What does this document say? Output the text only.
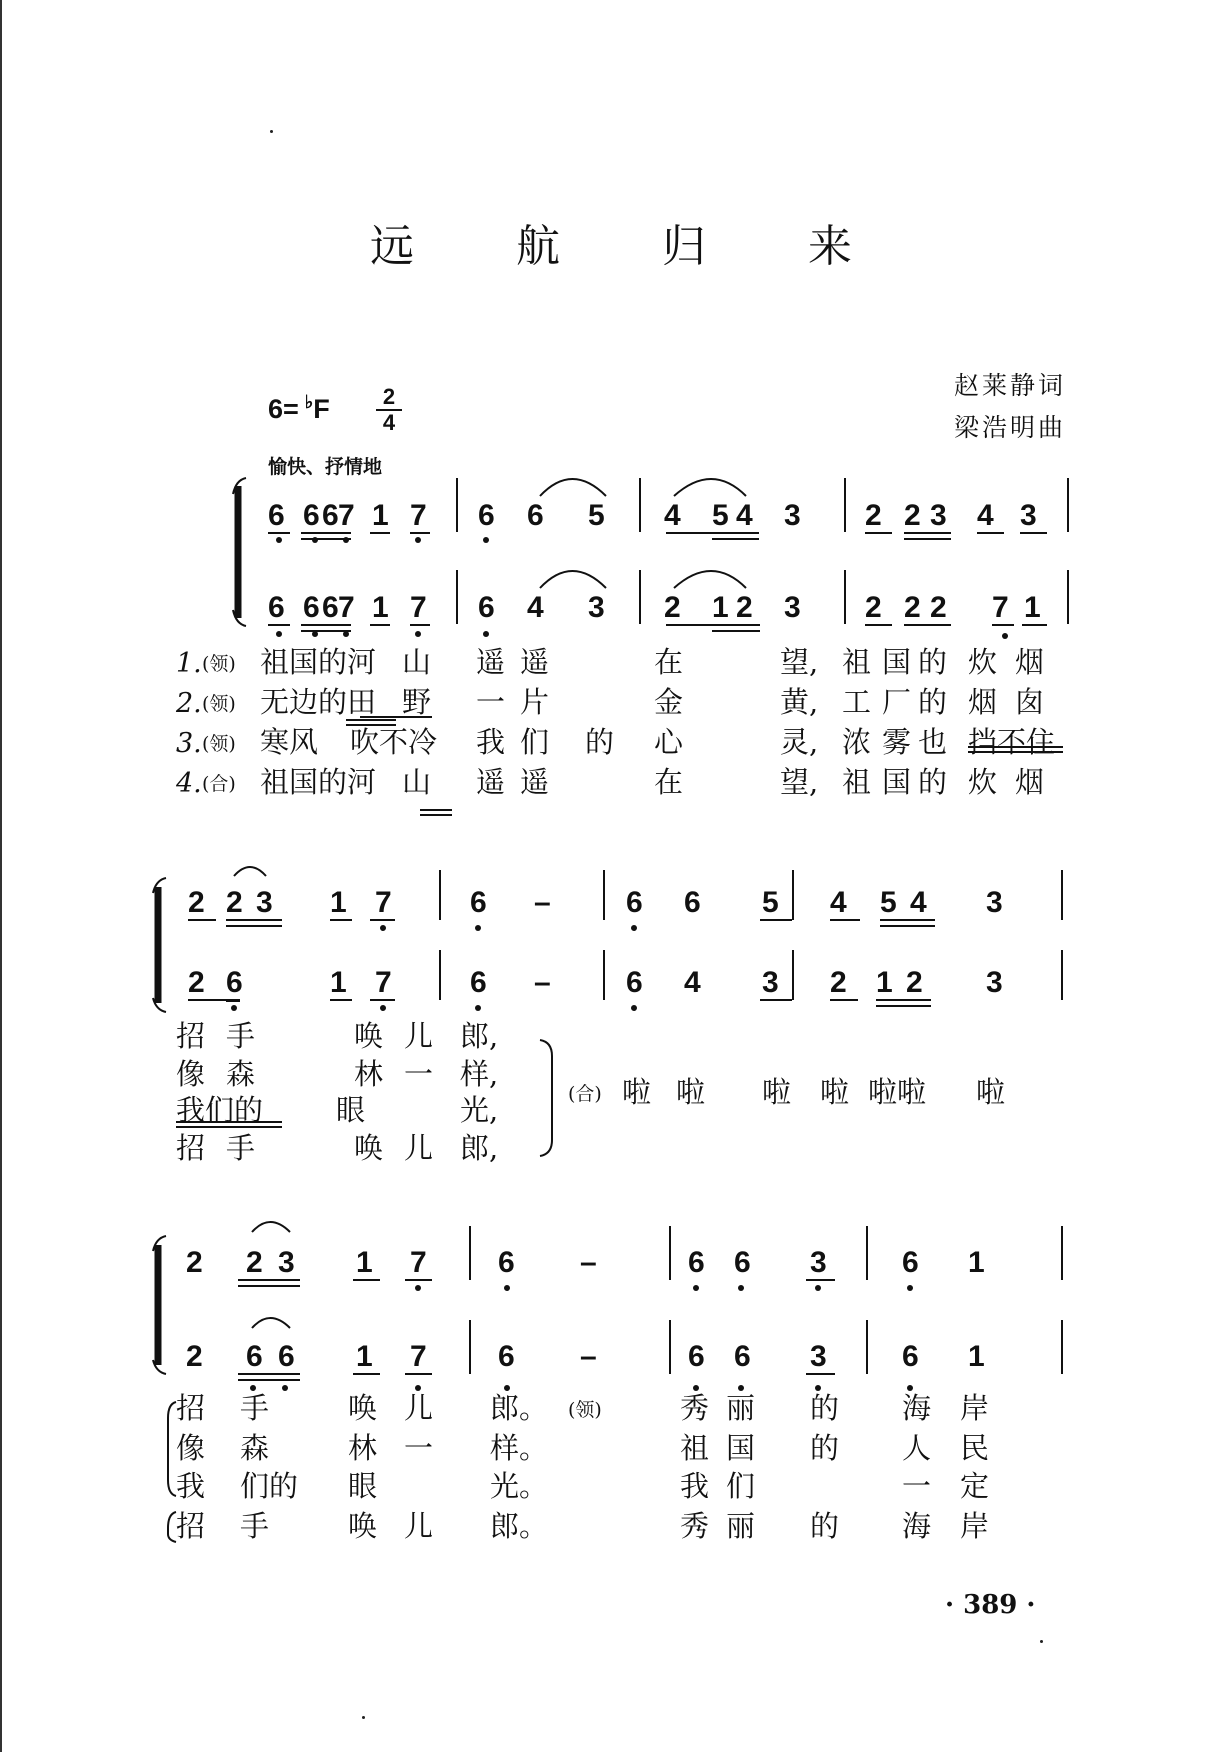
远 航 归 来
赵莱静词
梁浩明曲
6= ♭F 2
4
愉快、抒情地
6 6 6 7 1 7 6 6 5 4 5 4 3 2 2 3 4 3
6 6 6 7 1 7 6 4 3 2 1 2 3 2 2 2 7 1
1. (领) 祖国的河 山 遥 遥	在	望, 祖 国 的 炊 烟
2. (领) 无边的田 野 一 片	金	黄, 工 厂 的 烟 囱
3. (领) 寒风 吹不冷 我 们 的 心	灵, 浓 雾 也 挡不住
4. (合) 祖国的河 山 遥 遥	在	望, 祖 国 的 炊 烟
2 2 3 1 7	6 –	6 6 5 4 5 4 3
2 6	1 7	6 –	6 4 3 2 1 2 3
招 手	唤 儿 郎,
像 森	林 一 样,
我们的	眼	光,
招 手	唤 儿 郎,
(合) 啦 啦 啦 啦 啦啦 啦
2 2 3 1 7 6 –	6 6 3	6 1
2 6 6 1 7 6 –	6 6 3	6 1
招 手	唤 儿 郎。 (领)	秀 丽 的 海 岸
像 森	林 一 样。	祖 国 的 人 民
我 们的 眼	光。	我 们	一 定
招 手	唤 儿 郎。	秀 丽 的 海 岸
· 389 ·
